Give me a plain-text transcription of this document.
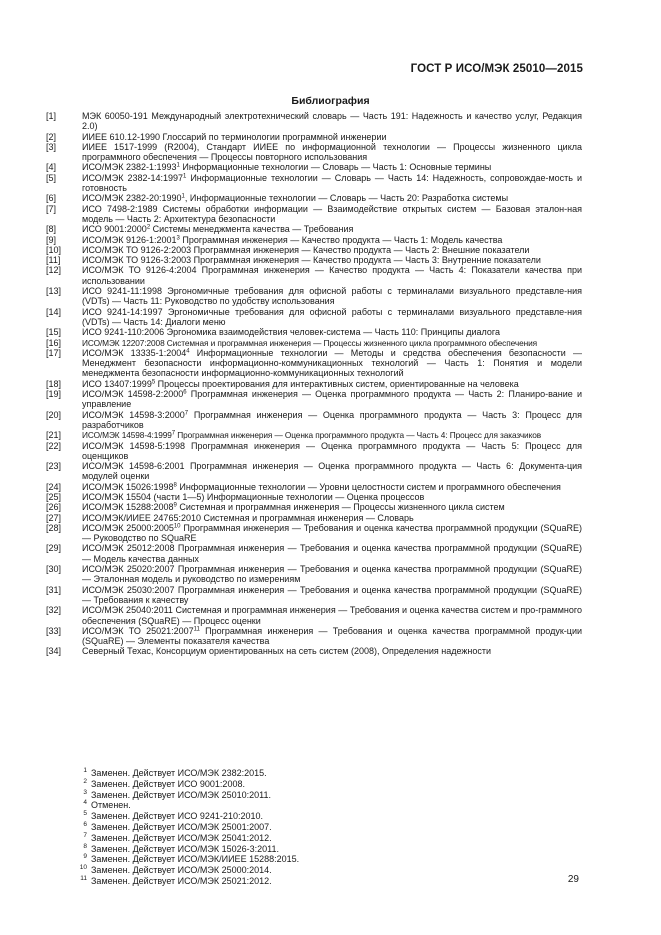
ГОСТ Р ИСО/МЭК 25010—2015
Библиография
[1]	МЭК 60050-191 Международный электротехнический словарь — Часть 191: Надежность и качество услуг, Редакция 2.0)
[2]	ИИЕЕ 610.12-1990 Глоссарий по терминологии программной инженерии
[3]	ИИЕЕ 1517-1999 (R2004), Стандарт ИИЕЕ по информационной технологии — Процессы жизненного цикла программного обеспечения — Процессы повторного использования
[4]	ИСО/МЭК 2382-1:1993$^1$ Информационные технологии — Словарь — Часть 1: Основные термины
[5]	ИСО/МЭК 2382-14:1997$^1$ Информационные технологии — Словарь — Часть 14: Надежность, сопровождае-мость и готовность
[6]	ИСО/МЭК 2382-20:1990$^1$, Информационные технологии — Словарь — Часть 20: Разработка системы
[7]	ИСО 7498-2:1989 Системы обработки информации — Взаимодействие открытых систем — Базовая эталон-ная модель — Часть 2: Архитектура безопасности
[8]	ИСО 9001:2000$^2$ Системы менеджмента качества — Требования
[9]	ИСО/МЭК 9126-1:2001$^3$ Программная инженерия — Качество продукта — Часть 1: Модель качества
[10]	ИСО/МЭК ТО 9126-2:2003 Программная инженерия — Качество продукта — Часть 2: Внешние показатели
[11]	ИСО/МЭК ТО 9126-3:2003 Программная инженерия — Качество продукта — Часть 3: Внутренние показатели
[12]	ИСО/МЭК ТО 9126-4:2004 Программная инженерия — Качество продукта — Часть 4: Показатели качества при использовании
[13]	ИСО 9241-11:1998 Эргономичные требования для офисной работы с терминалами визуального представле-ния (VDTs) — Часть 11: Руководство по удобству использования
[14]	ИСО 9241-14:1997 Эргономичные требования для офисной работы с терминалами визуального представле-ния (VDTs) — Часть 14: Диалоги меню
[15]	ИСО 9241-110:2006 Эргономика взаимодействия человек-система — Часть 110: Принципы диалога
[16]	ИСО/МЭК 12207:2008 Системная и программная инженерия — Процессы жизненного цикла программного обеспечения
[17]	ИСО/МЭК 13335-1:2004$^4$ Информационные технологии — Методы и средства обеспечения безопасности — Менеджмент безопасности информационно-коммуникационных технологий — Часть 1: Понятия и модели менеджмента безопасности информационно-коммуникационных технологий
[18]	ИСО 13407:1999$^5$ Процессы проектирования для интерактивных систем, ориентированные на человека
[19]	ИСО/МЭК 14598-2:2000$^6$ Программная инженерия — Оценка программного продукта — Часть 2: Планиро-вание и управление
[20]	ИСО/МЭК 14598-3:2000$^7$ Программная инженерия — Оценка программного продукта — Часть 3: Процесс для разработчиков
[21]	ИСО/МЭК 14598-4:1999$^7$ Программная инженерия — Оценка программного продукта — Часть 4: Процесс для заказчиков
[22]	ИСО/МЭК 14598-5:1998 Программная инженерия — Оценка программного продукта — Часть 5: Процесс для оценщиков
[23]	ИСО/МЭК 14598-6:2001 Программная инженерия — Оценка программного продукта — Часть 6: Документа-ция модулей оценки
[24]	ИСО/МЭК 15026:1998$^8$ Информационные технологии — Уровни целостности систем и программного обеспечения
[25]	ИСО/МЭК 15504 (части 1—5) Информационные технологии — Оценка процессов
[26]	ИСО/МЭК 15288:2008$^9$ Системная и программная инженерия — Процессы жизненного цикла систем
[27]	ИСО/МЭК/ИИЕЕ 24765:2010 Системная и программная инженерия — Словарь
[28]	ИСО/МЭК 25000:2005$^{10}$ Программная инженерия — Требования и оценка качества программной продукции (SQuaRE) — Руководство по SQuaRE
[29]	ИСО/МЭК 25012:2008 Программная инженерия — Требования и оценка качества программной продукции (SQuaRE) — Модель качества данных
[30]	ИСО/МЭК 25020:2007 Программная инженерия — Требования и оценка качества программной продукции (SQuaRE) — Эталонная модель и руководство по измерениям
[31]	ИСО/МЭК 25030:2007 Программная инженерия — Требования и оценка качества программной продукции (SQuaRE) — Требования к качеству
[32]	ИСО/МЭК 25040:2011 Системная и программная инженерия — Требования и оценка качества систем и про-граммного обеспечения (SQuaRE) — Процесс оценки
[33]	ИСО/МЭК ТО 25021:2007$^{11}$ Программная инженерия — Требования и оценка качества программной продук-ции (SQuaRE) — Элементы показателя качества
[34]	Северный Техас, Консорциум ориентированных на сеть систем (2008), Определения надежности
1 Заменен. Действует ИСО/МЭК 2382:2015.
2 Заменен. Действует ИСО 9001:2008.
3 Заменен. Действует ИСО/МЭК 25010:2011.
4 Отменен.
5 Заменен. Действует ИСО 9241-210:2010.
6 Заменен. Действует ИСО/МЭК 25001:2007.
7 Заменен. Действует ИСО/МЭК 25041:2012.
8 Заменен. Действует ИСО/МЭК 15026-3:2011.
9 Заменен. Действует ИСО/МЭК/ИИЕЕ 15288:2015.
10 Заменен. Действует ИСО/МЭК 25000:2014.
11 Заменен. Действует ИСО/МЭК 25021:2012.	29
